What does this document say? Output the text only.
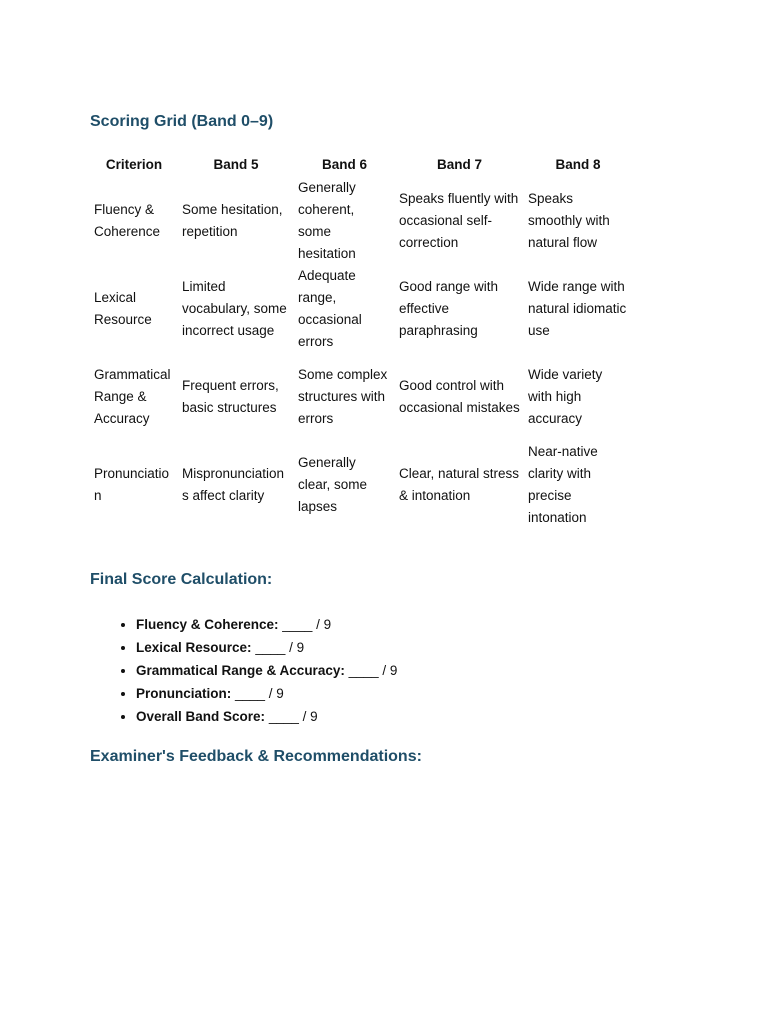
Scoring Grid (Band 0–9)
Criterion	Band 5	Band 6	Band 7	Band 8
Fluency & Coherence	Some hesitation, repetition	Generally coherent, some hesitation	Speaks fluently with occasional self-correction	Speaks smoothly with natural flow
Lexical Resource	Limited vocabulary, some incorrect usage	Adequate range, occasional errors	Good range with effective paraphrasing	Wide range with natural idiomatic use
Grammatical Range & Accuracy	Frequent errors, basic structures	Some complex structures with errors	Good control with occasional mistakes	Wide variety with high accuracy
Pronunciation	Mispronunciations affect clarity	Generally clear, some lapses	Clear, natural stress & intonation	Near-native clarity with precise intonation
Final Score Calculation:
• Fluency & Coherence: ____ / 9
• Lexical Resource: ____ / 9
• Grammatical Range & Accuracy: ____ / 9
• Pronunciation: ____ / 9
• Overall Band Score: ____ / 9
Examiner's Feedback & Recommendations:
